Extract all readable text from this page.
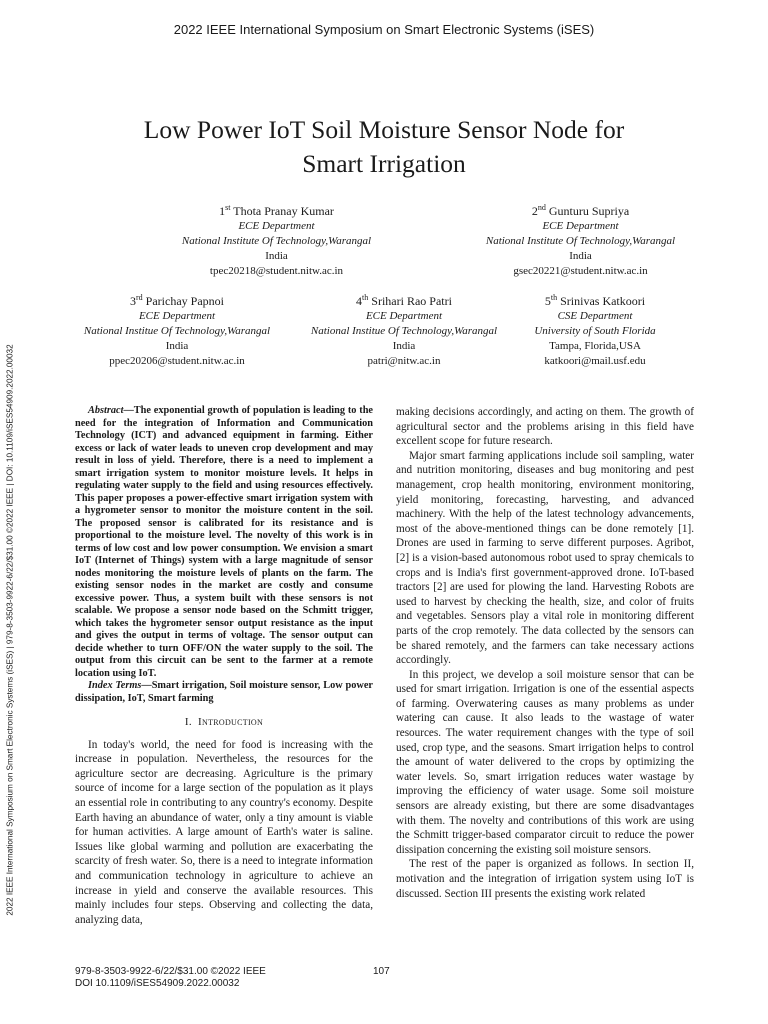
2022 IEEE International Symposium on Smart Electronic Systems (iSES)
Low Power IoT Soil Moisture Sensor Node for
Smart Irrigation
1st Thota Pranay Kumar
ECE Department
National Institute Of Technology,Warangal
India
tpec20218@student.nitw.ac.in
2nd Gunturu Supriya
ECE Department
National Institute Of Technology,Warangal
India
gsec20221@student.nitw.ac.in
3rd Parichay Papnoi
ECE Department
National Institue Of Technology,Warangal
India
ppec20206@student.nitw.ac.in
4th Srihari Rao Patri
ECE Department
National Institue Of Technology,Warangal
India
patri@nitw.ac.in
5th Srinivas Katkoori
CSE Department
University of South Florida
Tampa, Florida,USA
katkoori@mail.usf.edu
2022 IEEE International Symposium on Smart Electronic Systems (iSES) | 979-8-3503-9922-6/22/$31.00 ©2022 IEEE | DOI: 10.1109/iSES54909.2022.00032	Abstract—The exponential growth of population is leading to the need for the integration of Information and Communication Technology (ICT) and advanced equipment in farming. Either excess or lack of water leads to uneven crop development and may result in loss of yield. Therefore, there is a need to implement a smart irrigation system to monitor moisture levels. It helps in regulating water supply to the field and using resources effectively. This paper proposes a power-effective smart irrigation system with a hygrometer sensor to monitor the moisture content in the soil. The proposed sensor is calibrated for its resistance and is proportional to the moisture level. The novelty of this work is in terms of low cost and low power consumption. We envision a smart IoT (Internet of Things) system with a large magnitude of sensor nodes monitoring the moisture levels of plants on the farm. The existing sensor nodes in the market are costly and consume excessive power. Thus, a system built with these sensors is not scalable. We propose a sensor node based on the Schmitt trigger, which takes the hygrometer sensor output resistance as the input and gives the output in terms of voltage. The sensor output can decide whether to turn OFF/ON the water supply to the soil. The output from this circuit can be sent to the farmer at a remote location using IoT.

Index Terms—Smart irrigation, Soil moisture sensor, Low power dissipation, IoT, Smart farming

I. Introduction

In today's world, the need for food is increasing with the increase in population. Nevertheless, the resources for the agriculture sector are decreasing. Agriculture is the primary source of income for a large section of the population as it plays an essential role in contributing to any country's economy. Despite Earth having an abundance of water, only a tiny amount is viable for human activities. A large amount of Earth's water is saline. Issues like global warming and pollution are exacerbating the scarcity of fresh water. So, there is a need to integrate information and communication technology in agriculture to achieve an increase in yield and conserve the available resources. This mainly includes four steps. Observing and collecting the data, analyzing data,

making decisions accordingly, and acting on them. The growth of agricultural sector and the problems arising in this field have excellent scope for future research.

Major smart farming applications include soil sampling, water and nutrition monitoring, diseases and bug monitoring and pest management, crop health monitoring, environment monitoring, yield monitoring, forecasting, harvesting, and advanced machinery. With the help of the latest technology advancements, most of the above-mentioned things can be done remotely [1]. Drones are used in farming to serve different purposes. Agribot, [2] is a vision-based autonomous robot used to spray chemicals to crops and is India's first government-approved drone. IoT-based tractors [2] are used for plowing the land. Harvesting Robots are used to harvest by checking the health, size, and color of fruits and vegetables. Sensors play a vital role in monitoring different parts of the crop remotely. The data collected by the sensors can be shared remotely, and the farmers can take necessary actions accordingly.

In this project, we develop a soil moisture sensor that can be used for smart irrigation. Irrigation is one of the essential aspects of farming. Overwatering causes as many problems as under watering can cause. It also leads to the wastage of water resources. The water requirement changes with the type of soil used, crop type, and the seasons. Smart irrigation helps to control the amount of water delivered to the crops by optimizing the water levels. So, smart irrigation reduces water wastage by improving the efficiency of water usage. Some soil moisture sensors are already existing, but there are some disadvantages with them. The novelty and contributions of this work are using the Schmitt trigger-based comparator circuit to reduce the power dissipation concerning the existing soil moisture sensors.

The rest of the paper is organized as follows. In section II, motivation and the integration of irrigation system using IoT is discussed. Section III presents the existing work related

979-8-3503-9922-6/22/$31.00 ©2022 IEEE
DOI 10.1109/iSES54909.2022.00032
107
